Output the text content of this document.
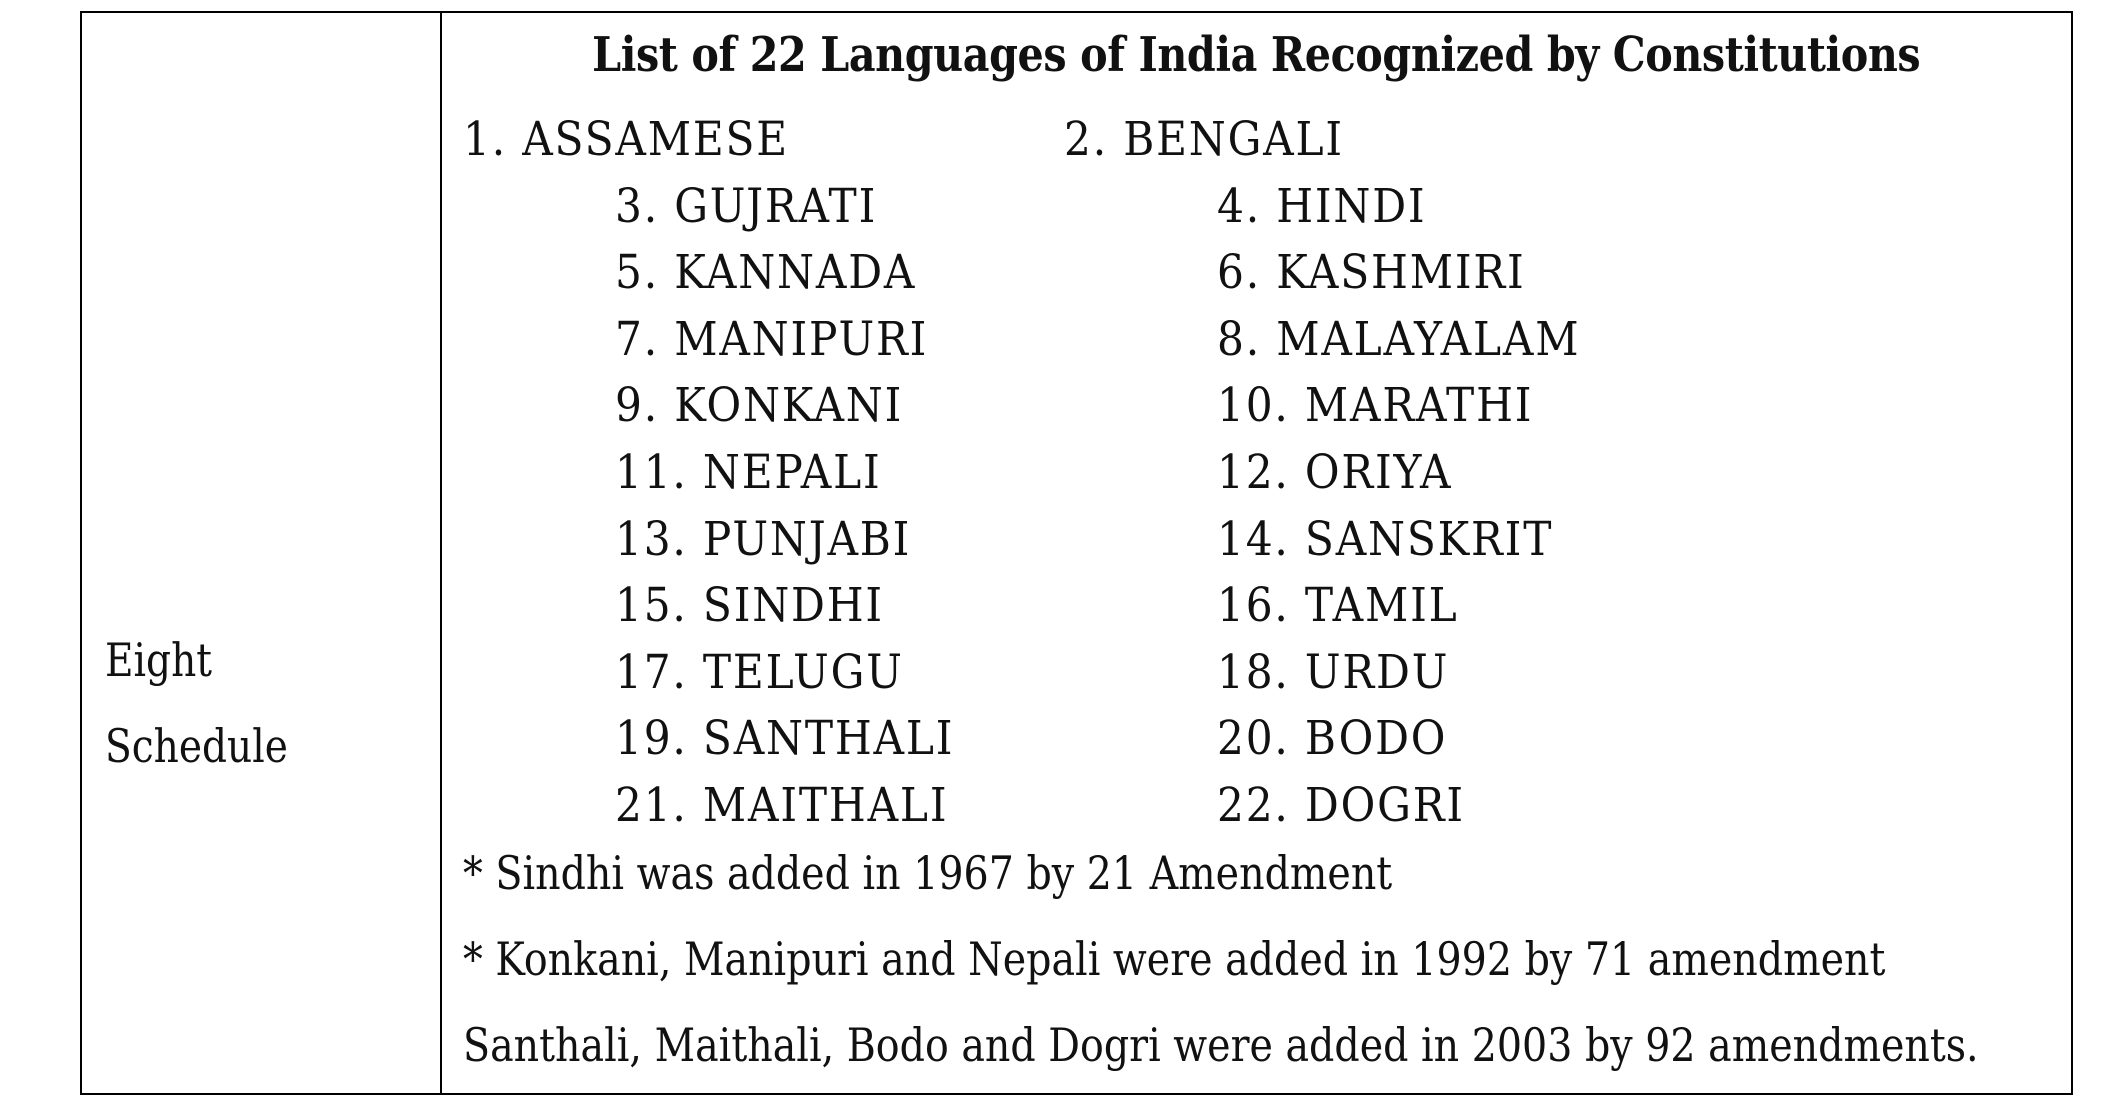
Eight
Schedule
List of 22 Languages of India Recognized by Constitutions
1. ASSAMESE	2. BENGALI
3. GUJRATI	4. HINDI
5. KANNADA	6. KASHMIRI
7. MANIPURI	8. MALAYALAM
9. KONKANI	10. MARATHI
11. NEPALI	12. ORIYA
13. PUNJABI	14. SANSKRIT
15. SINDHI	16. TAMIL
17. TELUGU	18. URDU
19. SANTHALI	20. BODO
21. MAITHALI	22. DOGRI
* Sindhi was added in 1967 by 21 Amendment
* Konkani, Manipuri and Nepali were added in 1992 by 71 amendment
Santhali, Maithali, Bodo and Dogri were added in 2003 by 92 amendments.
